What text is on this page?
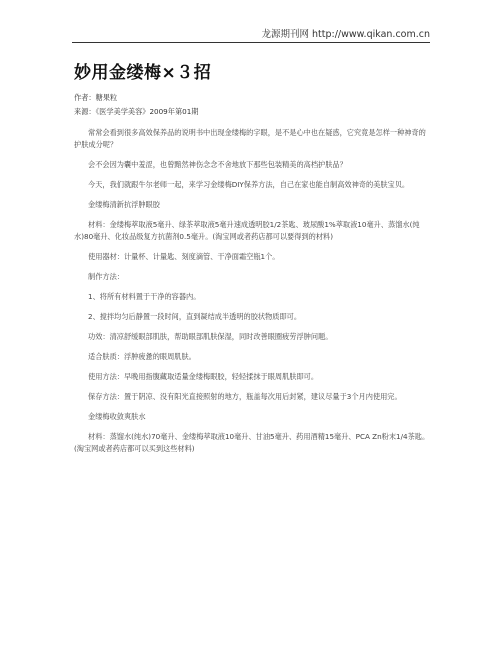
龙源期刊网 http://www.qikan.com.cn
妙用金缕梅×３招
作者：糖果粒
来源：《医学美学美容》2009年第01期

常常会看到很多高效保养品的说明书中出现金缕梅的字眼，是不是心中也在疑惑，它究竟是怎样一种神奇的护肤成分呢？

会不会因为囊中羞涩，也曾黯然神伤念念不舍地放下那些包装精美的高档护肤品？

今天，我们就跟牛尔老师一起，来学习金缕梅DIY保养方法，自己在家也能自制高效神奇的美肤宝贝。

金缕梅清新抗浮肿眼胶

材料：金缕梅萃取液5毫升、绿茶萃取液5毫升速成透明胶1/2茶匙、玻尿酸1%萃取液10毫升、蒸馏水(纯水)80毫升、化妆品级复方抗菌剂0.5毫升。(淘宝网或者药店都可以要得到的材料)

使用器材：计量杯、计量匙、刻度滴管、干净面霜空瓶1个。

制作方法：

1、将所有材料置于干净的容器内。

2、搅拌均匀后静置一段时间，直到凝结成半透明的胶状物质即可。

功效：清凉舒缓眼部肌肤，帮助眼部肌肤保湿，同时改善眼圈疲劳浮肿问题。

适合肤质：浮肿疲惫的眼周肌肤。

使用方法：早晚用指腹藏取适量金缕梅眼胶，轻轻揉抹于眼周肌肤即可。

保存方法：置于阴凉、没有阳光直接照射的地方，瓶盖每次用后封紧，建议尽量于3个月内使用完。

金缕梅收敛爽肤水

材料：蒸馏水(纯水)70毫升、金缕梅萃取液10毫升、甘油5毫升、药用酒精15毫升、PCA Zn粉末1/4茶匙。(淘宝网或者药店都可以买到这些材料)
